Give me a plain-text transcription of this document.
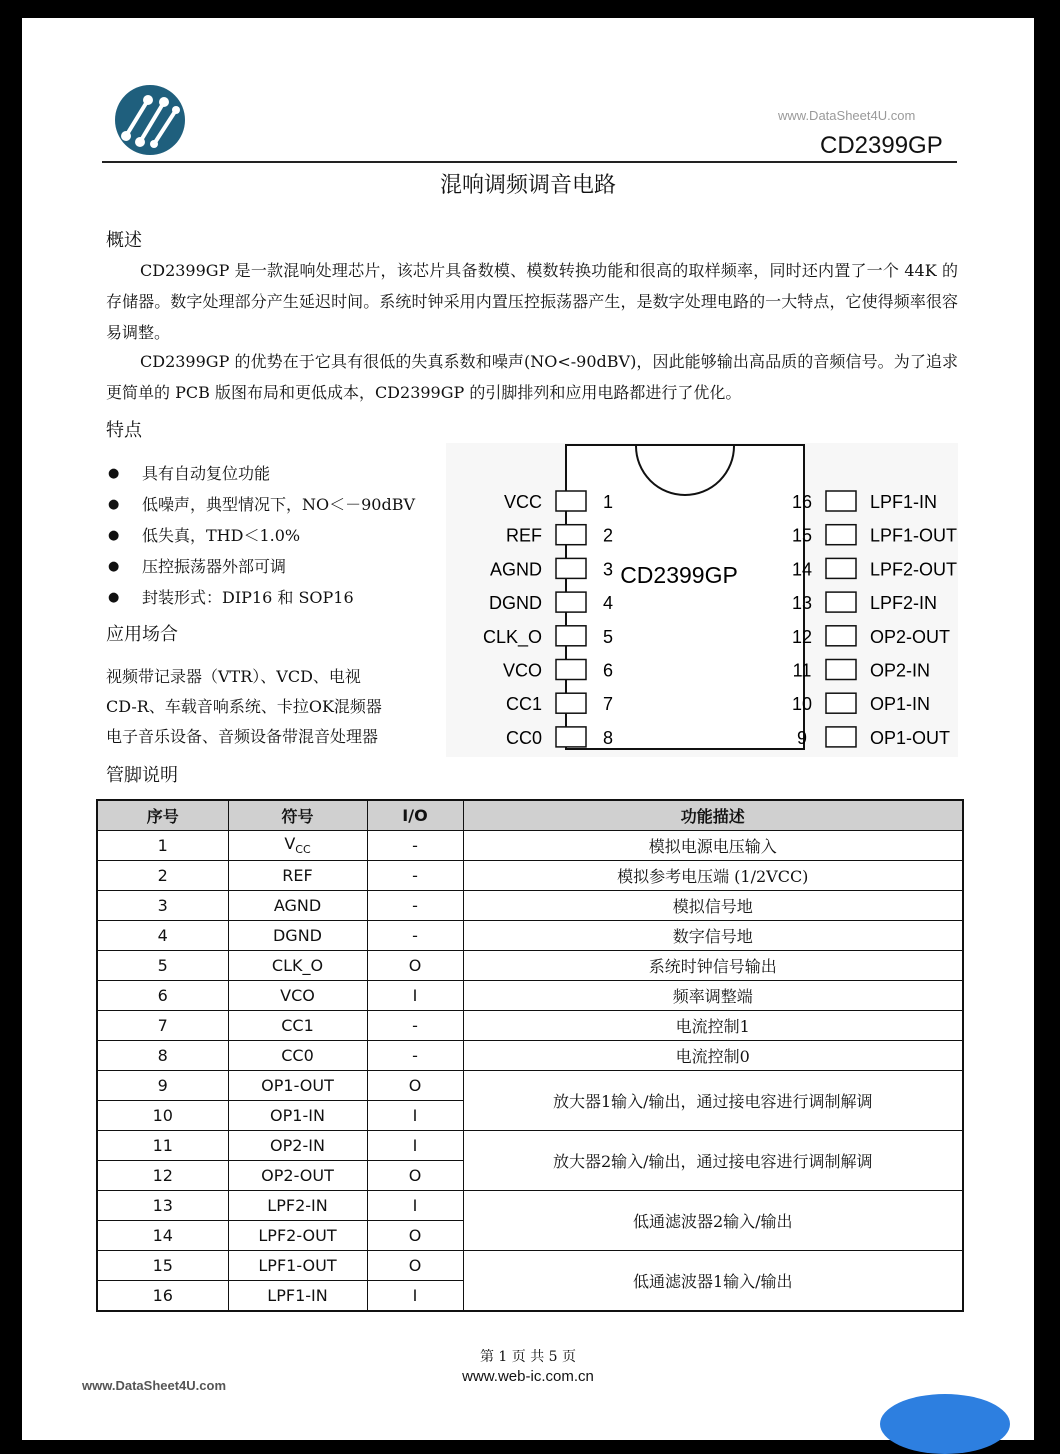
www.DataSheet4U.com
CD2399GP
混响调频调音电路
概述
CD2399GP 是一款混响处理芯片，该芯片具备数模、模数转换功能和很高的取样频率，同时还内置了一个 44K 的存储器。数字处理部分产生延迟时间。系统时钟采用内置压控振荡器产生，是数字处理电路的一大特点，它使得频率很容易调整。
CD2399GP 的优势在于它具有很低的失真系数和噪声(NO<-90dBV)，因此能够输出高品质的音频信号。为了追求更简单的 PCB 版图布局和更低成本，CD2399GP 的引脚排列和应用电路都进行了优化。
特点
● 具有自动复位功能
● 低噪声，典型情况下，NO＜－90dBV
● 低失真，THD＜1.0%
● 压控振荡器外部可调
● 封装形式：DIP16 和 SOP16
应用场合
视频带记录器（VTR）、VCD、电视
CD-R、车载音响系统、卡拉OK混频器
电子音乐设备、音频设备带混音处理器
CD2399GP
VCC	1
REF	2
AGND	3
DGND	4
CLK_O	5
VCO	6
CC1	7
CC0	8
16	LPF1-IN
15	LPF1-OUT
14	LPF2-OUT
13	LPF2-IN
12	OP2-OUT
11	OP2-IN
10	OP1-IN
9	OP1-OUT
管脚说明
序号	符号	I/O	功能描述
1	$V_{CC}$	-	模拟电源电压输入
2	REF	-	模拟参考电压端 (1/2VCC)
3	AGND	-	模拟信号地
4	DGND	-	数字信号地
5	CLK_O	O	系统时钟信号输出
6	VCO	I	频率调整端
7	CC1	-	电流控制1
8	CC0	-	电流控制0
9	OP1-OUT	O	放大器1输入/输出，通过接电容进行调制解调
10	OP1-IN	I	
11	OP2-IN	I	放大器2输入/输出，通过接电容进行调制解调
12	OP2-OUT	O	
13	LPF2-IN	I	低通滤波器2输入/输出
14	LPF2-OUT	O	
15	LPF1-OUT	O	低通滤波器1输入/输出
16	LPF1-IN	I	
第 1 页 共 5 页
www.web-ic.com.cn
www.DataSheet4U.com
